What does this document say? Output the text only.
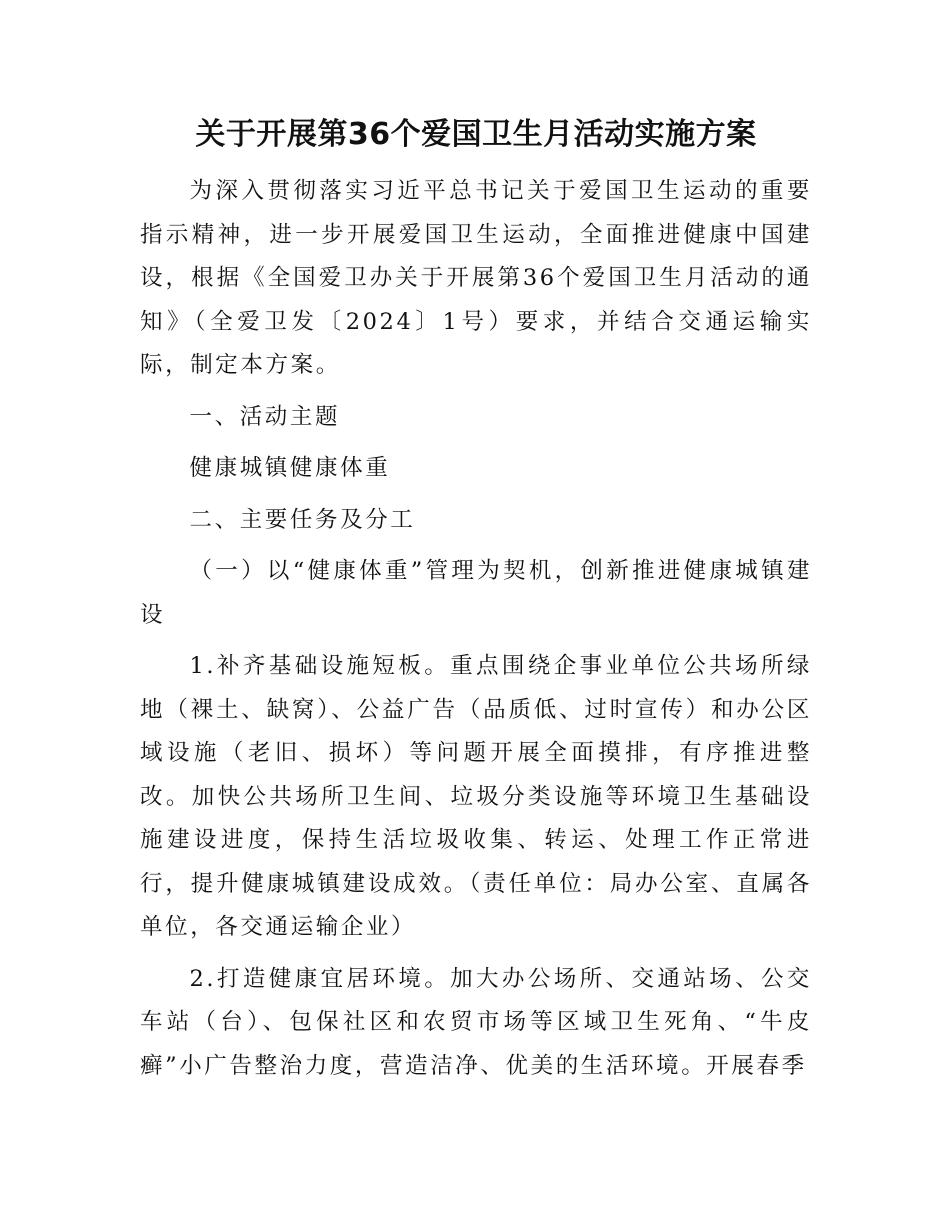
关于开展第36个爱国卫生月活动实施方案

为深入贯彻落实习近平总书记关于爱国卫生运动的重要指示精神，进一步开展爱国卫生运动，全面推进健康中国建设，根据《全国爱卫办关于开展第36个爱国卫生月活动的通知》（全爱卫发〔2024〕1号）要求，并结合交通运输实际，制定本方案。

一、活动主题

健康城镇健康体重

二、主要任务及分工

（一）以“健康体重”管理为契机，创新推进健康城镇建设

1.补齐基础设施短板。重点围绕企事业单位公共场所绿地（裸土、缺窝）、公益广告（品质低、过时宣传）和办公区域设施（老旧、损坏）等问题开展全面摸排，有序推进整改。加快公共场所卫生间、垃圾分类设施等环境卫生基础设施建设进度，保持生活垃圾收集、转运、处理工作正常进行，提升健康城镇建设成效。（责任单位：局办公室、直属各单位，各交通运输企业）

2.打造健康宜居环境。加大办公场所、交通站场、公交车站（台）、包保社区和农贸市场等区域卫生死角、“牛皮癣”小广告整治力度，营造洁净、优美的生活环境。开展春季
